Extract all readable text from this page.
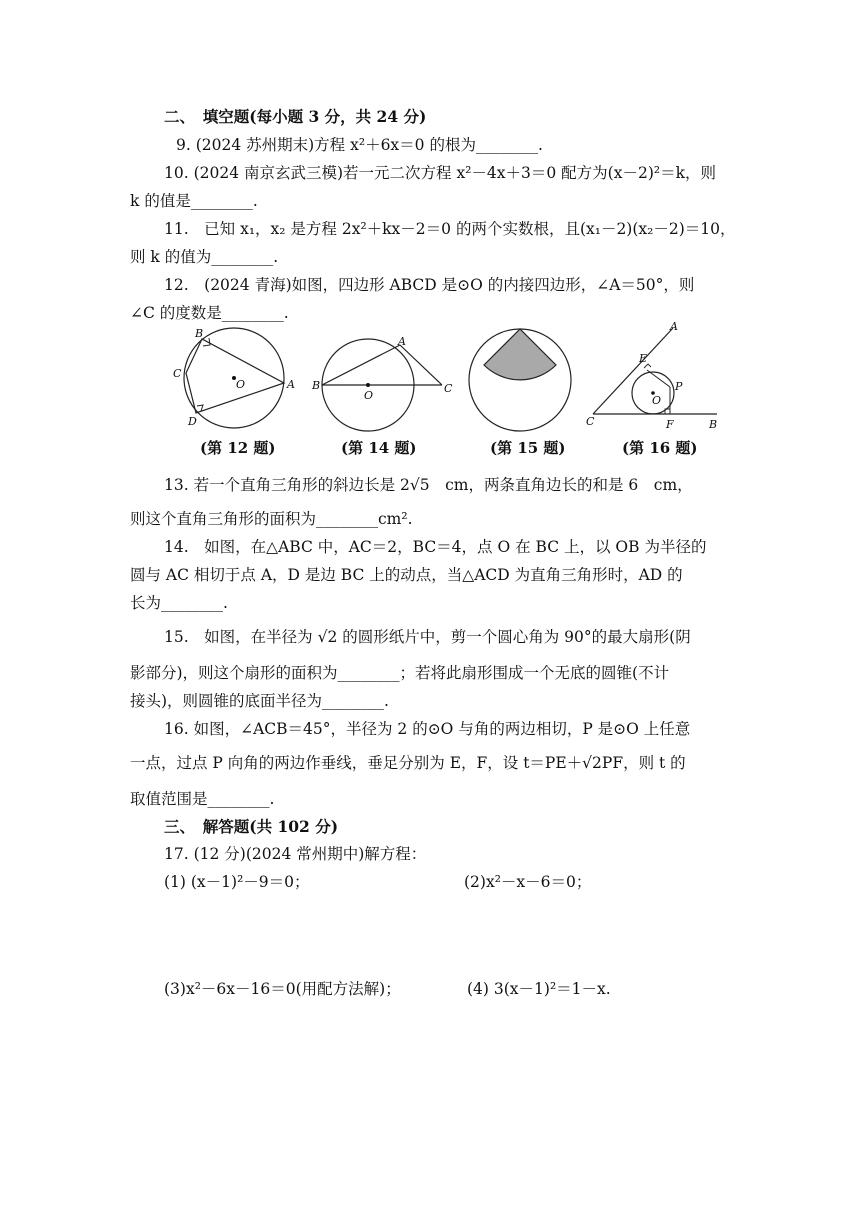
二、　填空题(每小题 3 分，共 24 分)
9. (2024 苏州期末)方程 x²＋6x＝0 的根为________.
10. (2024 南京玄武三模)若一元二次方程 x²－4x＋3＝0 配方为(x－2)²＝k，则
k 的值是________.
11.　已知 x₁，x₂ 是方程 2x²＋kx－2＝0 的两个实数根，且(x₁－2)(x₂－2)＝10，
则 k 的值为________.
12.　(2024 青海)如图，四边形 ABCD 是⊙O 的内接四边形，∠A＝50°，则
∠C 的度数是________.
B
C
D
O	A
A
B
O
C
A
E
O
P
C	F	B
(第 12 题)	(第 14 题)	(第 15 题)	(第 16 题)
13. 若一个直角三角形的斜边长是 2√5　cm，两条直角边长的和是 6　cm，
则这个直角三角形的面积为________cm².
14.　如图，在△ABC 中，AC＝2，BC＝4，点 O 在 BC 上，以 OB 为半径的
圆与 AC 相切于点 A，D 是边 BC 上的动点，当△ACD 为直角三角形时，AD 的
长为________.
15.　如图，在半径为 √2 的圆形纸片中，剪一个圆心角为 90°的最大扇形(阴
影部分)，则这个扇形的面积为________；若将此扇形围成一个无底的圆锥(不计
接头)，则圆锥的底面半径为________.
16. 如图，∠ACB＝45°，半径为 2 的⊙O 与角的两边相切，P 是⊙O 上任意
一点，过点 P 向角的两边作垂线，垂足分别为 E，F，设 t＝PE＋√2PF，则 t 的
取值范围是________.
三、　解答题(共 102 分)
17. (12 分)(2024 常州期中)解方程：
(1) (x－1)²－9＝0；	(2)x²－x－6＝0；
(3)x²－6x－16＝0(用配方法解)；	(4) 3(x－1)²＝1－x.
